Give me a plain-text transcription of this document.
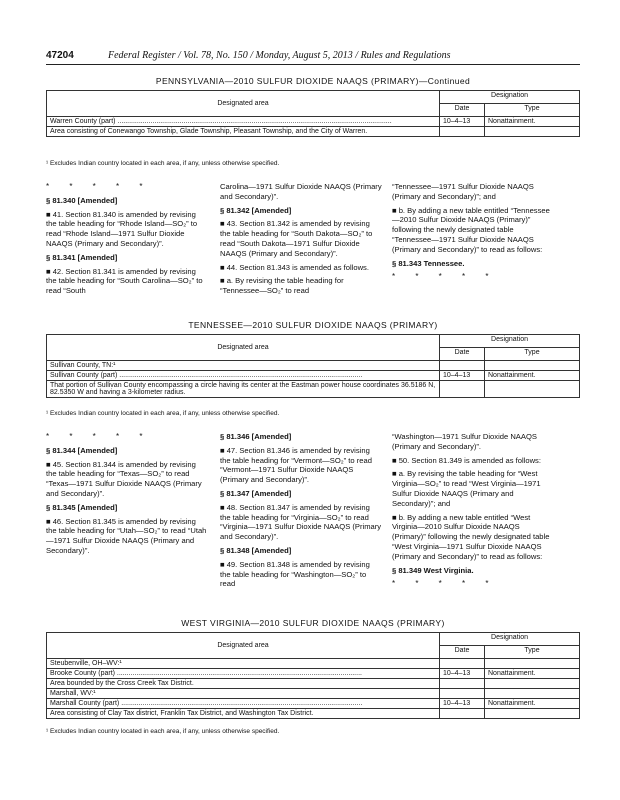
47204	Federal Register / Vol. 78, No. 150 / Monday, August 5, 2013 / Rules and Regulations
PENNSYLVANIA—2010 SULFUR DIOXIDE NAAQS (PRIMARY)—Continued
Designated area	Designation	
	Date	Type
Warren County (part) .............................................................................................................................................	10–4–13	Nonattainment.
Area consisting of Conewango Township, Glade Township, Pleasant Township, and the City of Warren.		
¹ Excludes Indian country located in each area, if any, unless otherwise specified.

* * * * *

§ 81.340 [Amended]

■ 41. Section 81.340 is amended by revising the table heading for “Rhode Island—SO₂” to read “Rhode Island—1971 Sulfur Dioxide NAAQS (Primary and Secondary)”.

§ 81.341 [Amended]

■ 42. Section 81.341 is amended by revising the table heading for “South Carolina—SO₂” to read “South

Carolina—1971 Sulfur Dioxide NAAQS (Primary and Secondary)”.

§ 81.342 [Amended]

■ 43. Section 81.342 is amended by revising the table heading for “South Dakota—SO₂” to read “South Dakota—1971 Sulfur Dioxide NAAQS (Primary and Secondary)”.

■ 44. Section 81.343 is amended as follows.

■ a. By revising the table heading for “Tennessee—SO₂” to read

“Tennessee—1971 Sulfur Dioxide NAAQS (Primary and Secondary)”; and

■ b. By adding a new table entitled “Tennessee—2010 Sulfur Dioxide NAAQS (Primary)” following the newly designated table “Tennessee—1971 Sulfur Dioxide NAAQS (Primary and Secondary)” to read as follows:

§ 81.343 Tennessee.

* * * * *

TENNESSEE—2010 SULFUR DIOXIDE NAAQS (PRIMARY)
Designated area	Designation	
	Date	Type
Sullivan County, TN:¹		
Sullivan County (part) .............................................................................................................................	10–4–13	Nonattainment.
That portion of Sullivan County encompassing a circle having its center at the Eastman power house coordinates 36.5186 N, 82.5350 W and having a 3-kilometer radius.		
¹ Excludes Indian country located in each area, if any, unless otherwise specified.

* * * * *

§ 81.344 [Amended]

■ 45. Section 81.344 is amended by revising the table heading for “Texas—SO₂” to read “Texas—1971 Sulfur Dioxide NAAQS (Primary and Secondary)”.

§ 81.345 [Amended]

■ 46. Section 81.345 is amended by revising the table heading for “Utah—SO₂” to read “Utah—1971 Sulfur Dioxide NAAQS (Primary and Secondary)”.

§ 81.346 [Amended]

■ 47. Section 81.346 is amended by revising the table heading for “Vermont—SO₂” to read “Vermont—1971 Sulfur Dioxide NAAQS (Primary and Secondary)”.

§ 81.347 [Amended]

■ 48. Section 81.347 is amended by revising the table heading for “Virginia—SO₂” to read “Virginia—1971 Sulfur Dioxide NAAQS (Primary and Secondary)”.

§ 81.348 [Amended]

■ 49. Section 81.348 is amended by revising the table heading for “Washington—SO₂” to read

“Washington—1971 Sulfur Dioxide NAAQS (Primary and Secondary)”.

■ 50. Section 81.349 is amended as follows:

■ a. By revising the table heading for “West Virginia—SO₂” to read “West Virginia—1971 Sulfur Dioxide NAAQS (Primary and Secondary)”; and

■ b. By adding a new table entitled “West Virginia—2010 Sulfur Dioxide NAAQS (Primary)” following the newly designated table “West Virginia—1971 Sulfur Dioxide NAAQS (Primary and Secondary)” to read as follows:

§ 81.349 West Virginia.

* * * * *

WEST VIRGINIA—2010 SULFUR DIOXIDE NAAQS (PRIMARY)
Designated area	Designation	
	Date	Type
Steubenville, OH–WV:¹		
Brooke County (part) ..............................................................................................................................	10–4–13	Nonattainment.
Area bounded by the Cross Creek Tax District.		
Marshall, WV:¹		
Marshall County (part) ............................................................................................................................	10–4–13	Nonattainment.
Area consisting of Clay Tax district, Franklin Tax District, and Washington Tax District.		
¹ Excludes Indian country located in each area, if any, unless otherwise specified.
